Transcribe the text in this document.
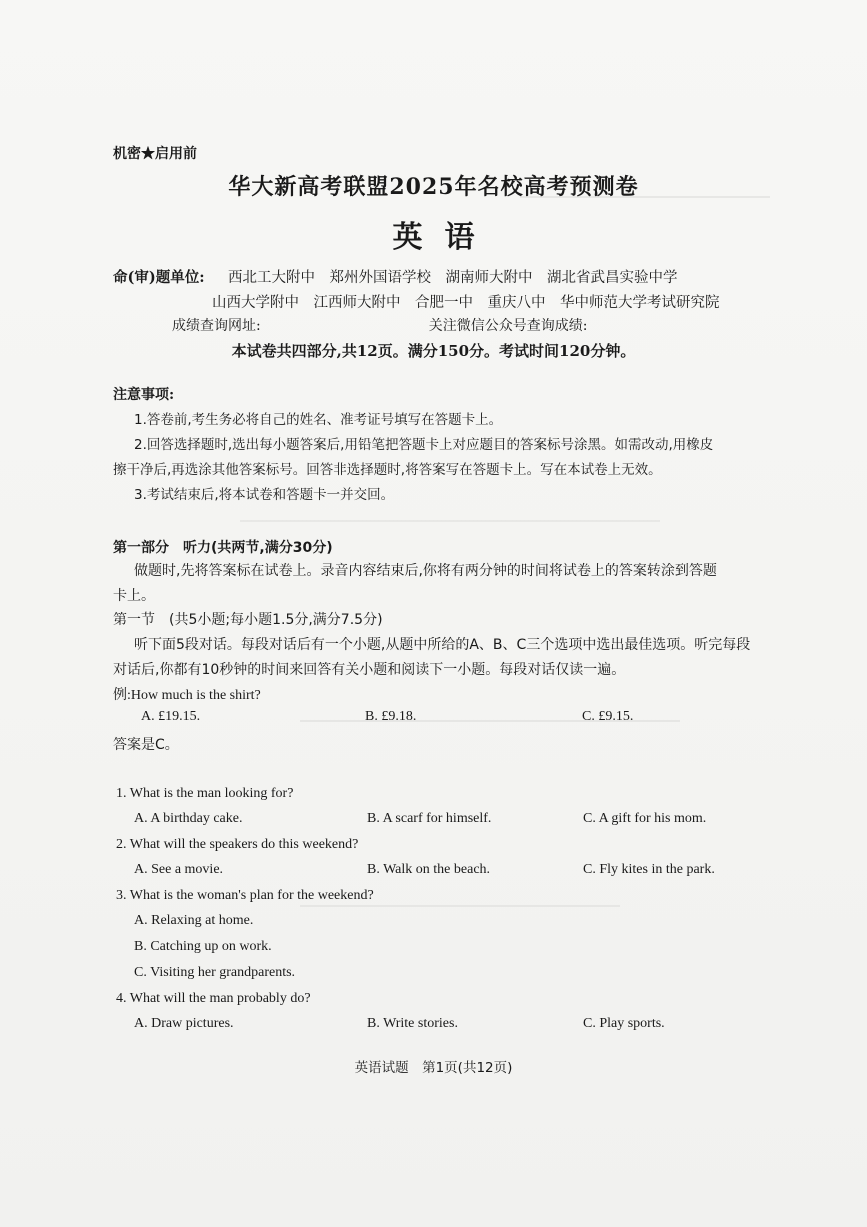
机密★启用前
华大新高考联盟2025年名校高考预测卷
英语
命(审)题单位: 西北工大附中　郑州外国语学校　湖南师大附中　湖北省武昌实验中学
山西大学附中　江西师大附中　合肥一中　重庆八中　华中师范大学考试研究院
成绩查询网址:	关注微信公众号查询成绩:
本试卷共四部分,共12页。满分150分。考试时间120分钟。
注意事项:
1.答卷前,考生务必将自己的姓名、准考证号填写在答题卡上。
2.回答选择题时,选出每小题答案后,用铅笔把答题卡上对应题目的答案标号涂黑。如需改动,用橡皮
擦干净后,再选涂其他答案标号。回答非选择题时,将答案写在答题卡上。写在本试卷上无效。
3.考试结束后,将本试卷和答题卡一并交回。
第一部分　听力(共两节,满分30分)
做题时,先将答案标在试卷上。录音内容结束后,你将有两分钟的时间将试卷上的答案转涂到答题
卡上。
第一节　(共5小题;每小题1.5分,满分7.5分)
听下面5段对话。每段对话后有一个小题,从题中所给的A、B、C三个选项中选出最佳选项。听完每段
对话后,你都有10秒钟的时间来回答有关小题和阅读下一小题。每段对话仅读一遍。
例:How much is the shirt?
A. £19.15.	B. £9.18.	C. £9.15.
答案是C。
1. What is the man looking for?
A. A birthday cake.	B. A scarf for himself.	C. A gift for his mom.
2. What will the speakers do this weekend?
A. See a movie.	B. Walk on the beach.	C. Fly kites in the park.
3. What is the woman's plan for the weekend?
A. Relaxing at home.
B. Catching up on work.
C. Visiting her grandparents.
4. What will the man probably do?
A. Draw pictures.	B. Write stories.	C. Play sports.
英语试题　第1页(共12页)
